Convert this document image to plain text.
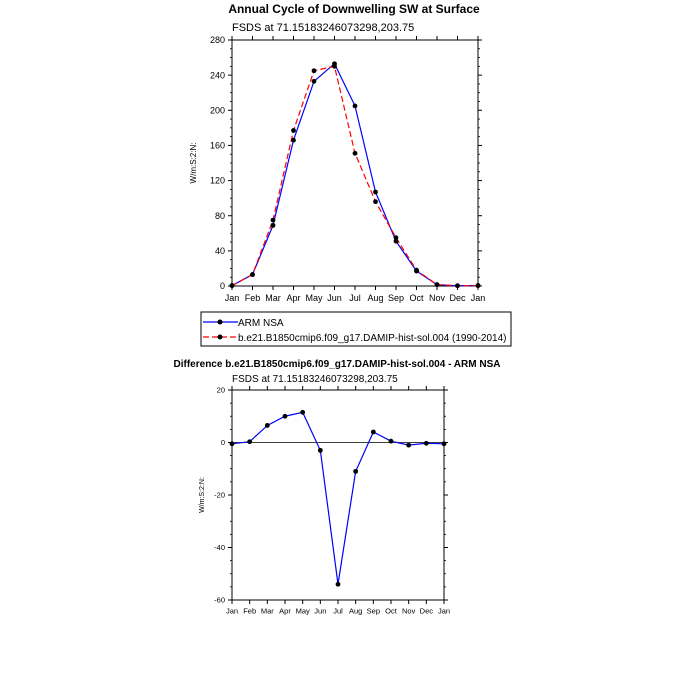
Annual Cycle of Downwelling SW at Surface
FSDS at 71.15183246073298,203.75
W/m:S:2:N:
0
40
80
120
160
200
240
280
Jan Feb Mar Apr May Jun Jul Aug Sep Oct Nov Dec Jan
ARM NSA
b.e21.B1850cmip6.f09_g17.DAMIP-hist-sol.004 (1990-2014)
Difference b.e21.B1850cmip6.f09_g17.DAMIP-hist-sol.004 - ARM NSA
FSDS at 71.15183246073298,203.75
W/m:S:2:N:
-60
-40
-20
0
20
Jan Feb Mar Apr May Jun Jul Aug Sep Oct Nov Dec Jan
